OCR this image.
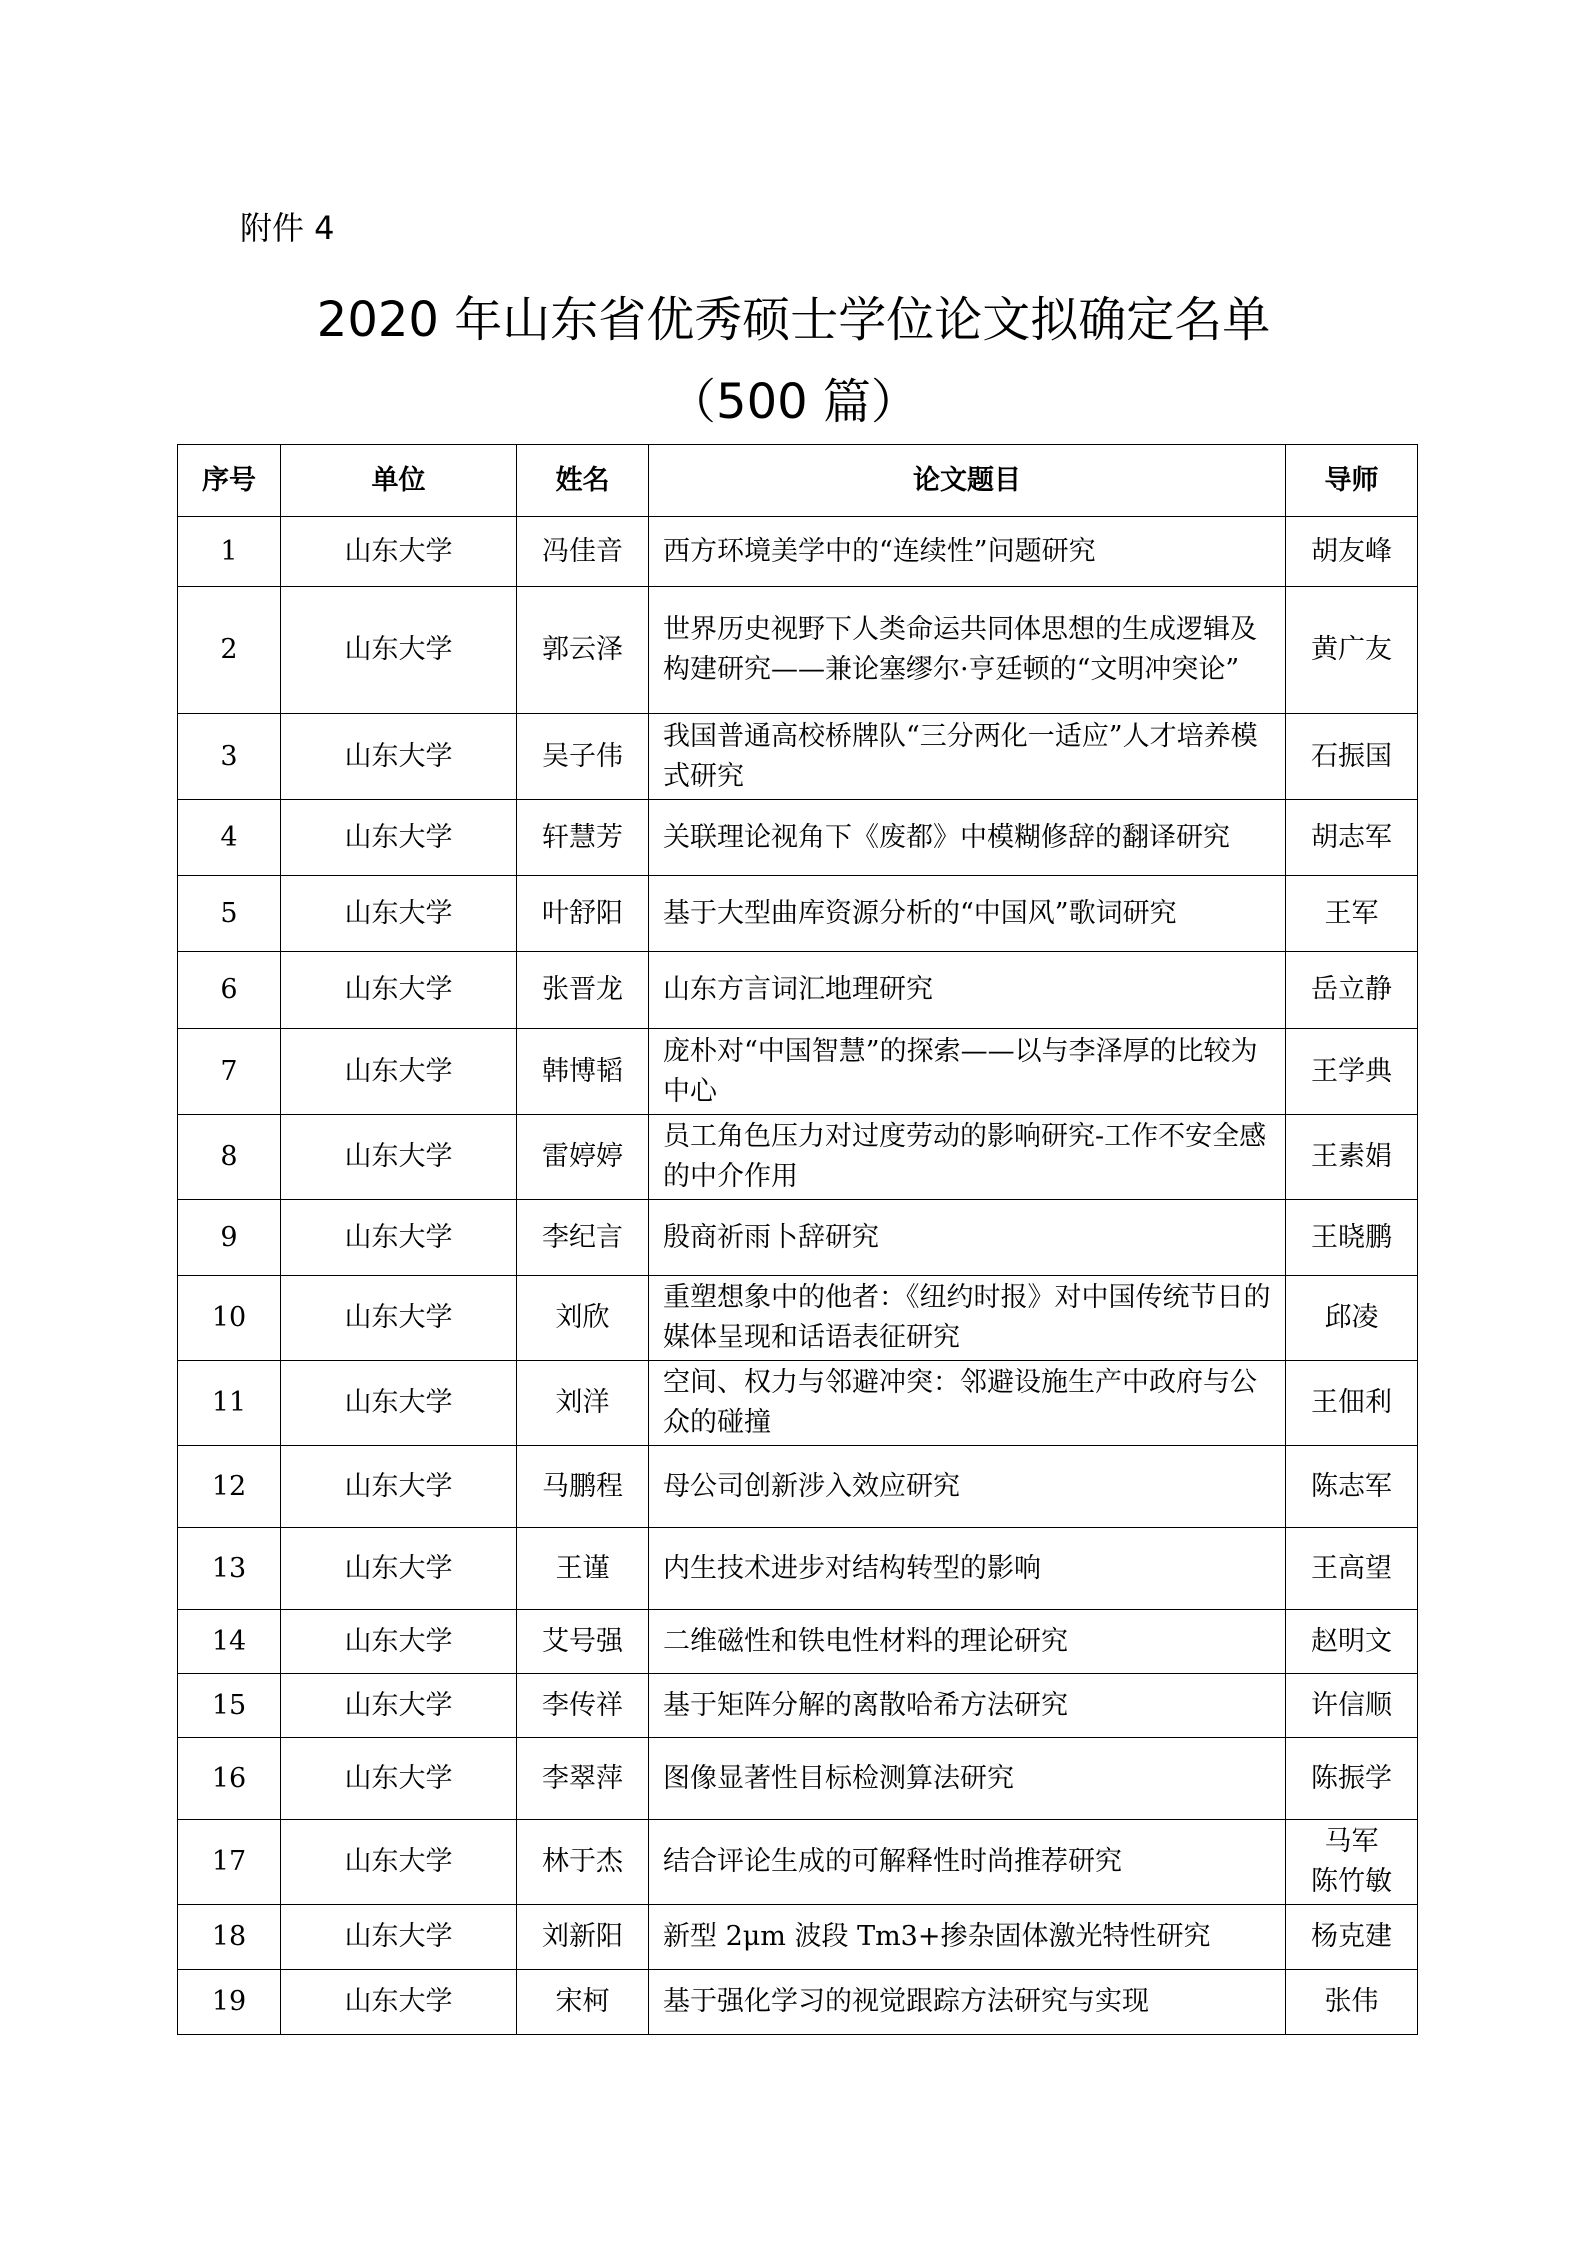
附件 4
2020 年山东省优秀硕士学位论文拟确定名单
（500 篇）
序号	单位	姓名	论文题目	导师
1	山东大学	冯佳音	西方环境美学中的“连续性”问题研究	胡友峰
2	山东大学	郭云泽	世界历史视野下人类命运共同体思想的生成逻辑及构建研究——兼论塞缪尔·亨廷顿的“文明冲突论”	黄广友
3	山东大学	吴子伟	我国普通高校桥牌队“三分两化一适应”人才培养模式研究	石振国
4	山东大学	轩慧芳	关联理论视角下《废都》中模糊修辞的翻译研究	胡志军
5	山东大学	叶舒阳	基于大型曲库资源分析的“中国风”歌词研究	王军
6	山东大学	张晋龙	山东方言词汇地理研究	岳立静
7	山东大学	韩博韬	庞朴对“中国智慧”的探索——以与李泽厚的比较为中心	王学典
8	山东大学	雷婷婷	员工角色压力对过度劳动的影响研究-工作不安全感的中介作用	王素娟
9	山东大学	李纪言	殷商祈雨卜辞研究	王晓鹏
10	山东大学	刘欣	重塑想象中的他者：《纽约时报》对中国传统节日的媒体呈现和话语表征研究	邱凌
11	山东大学	刘洋	空间、权力与邻避冲突：邻避设施生产中政府与公众的碰撞	王佃利
12	山东大学	马鹏程	母公司创新涉入效应研究	陈志军
13	山东大学	王谨	内生技术进步对结构转型的影响	王高望
14	山东大学	艾号强	二维磁性和铁电性材料的理论研究	赵明文
15	山东大学	李传祥	基于矩阵分解的离散哈希方法研究	许信顺
16	山东大学	李翠萍	图像显著性目标检测算法研究	陈振学
17	山东大学	林于杰	结合评论生成的可解释性时尚推荐研究	马军
陈竹敏

18	山东大学	刘新阳	新型 2μm 波段 Tm3+掺杂固体激光特性研究	杨克建
19	山东大学	宋柯	基于强化学习的视觉跟踪方法研究与实现	张伟
